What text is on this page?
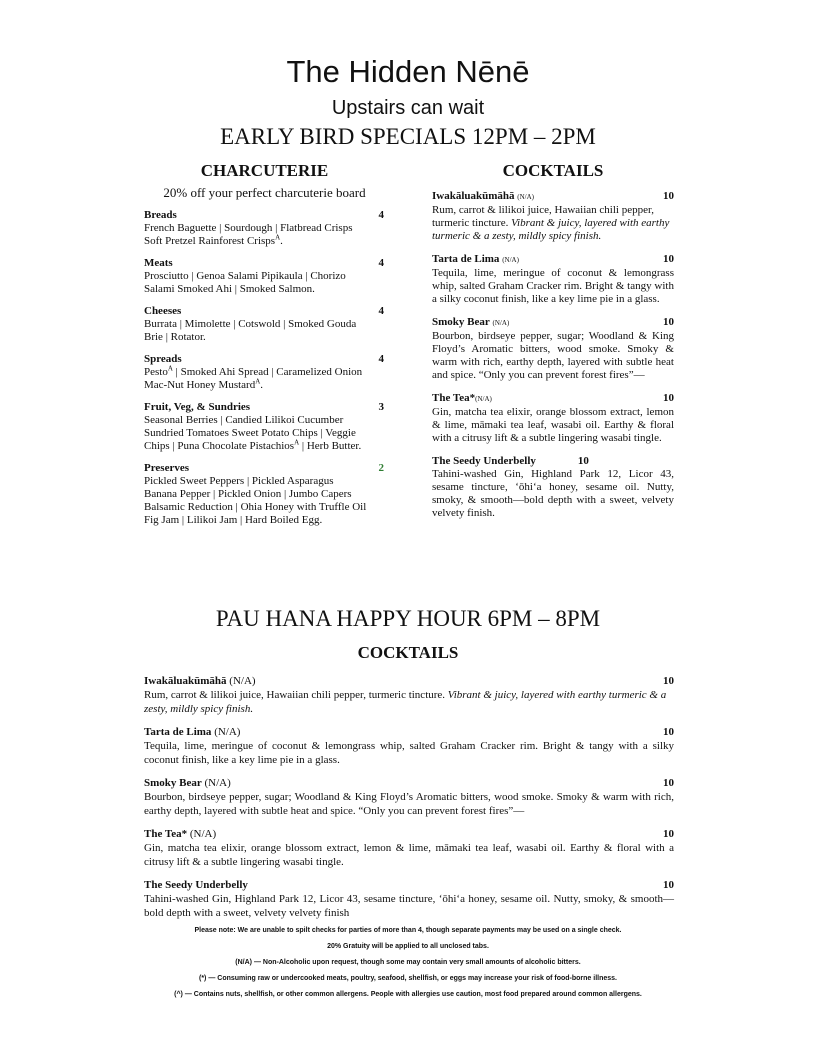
The Hidden Nēnē
Upstairs can wait
EARLY BIRD SPECIALS 12PM – 2PM
CHARCUTERIE	COCKTAILS
20% off your perfect charcuterie board
Breads	4
French Baguette | Sourdough | Flatbread Crisps
Soft Pretzel Rainforest Crisps$^A$.
Meats	4
Prosciutto | Genoa Salami Pipikaula | Chorizo
Salami Smoked Ahi | Smoked Salmon.
Cheeses	4
Burrata | Mimolette | Cotswold | Smoked Gouda
Brie | Rotator.
Spreads	4
Pesto$^A$ | Smoked Ahi Spread | Caramelized Onion
Mac-Nut Honey Mustard$^A$.
Fruit, Veg, & Sundries	3
Seasonal Berries | Candied Lilikoi Cucumber
Sundried Tomatoes Sweet Potato Chips | Veggie
Chips | Puna Chocolate Pistachios$^A$ | Herb Butter.
Preserves	2
Pickled Sweet Peppers | Pickled Asparagus
Banana Pepper | Pickled Onion | Jumbo Capers
Balsamic Reduction | Ohia Honey with Truffle Oil
Fig Jam | Lilikoi Jam | Hard Boiled Egg.
Iwakāluakūmāhā (N/A)	10
Rum, carrot & lilikoi juice, Hawaiian chili pepper, turmeric tincture. Vibrant & juicy, layered with earthy turmeric & a zesty, mildly spicy finish.
Tarta de Lima (N/A)	10
Tequila, lime, meringue of coconut & lemongrass whip, salted Graham Cracker rim. Bright & tangy with a silky coconut finish, like a key lime pie in a glass.
Smoky Bear (N/A)	10
Bourbon, birdseye pepper, sugar; Woodland & King Floyd’s Aromatic bitters, wood smoke. Smoky & warm with rich, earthy depth, layered with subtle heat and spice. “Only you can prevent forest fires”—
The Tea*(N/A)	10
Gin, matcha tea elixir, orange blossom extract, lemon & lime, māmaki tea leaf, wasabi oil. Earthy & floral with a citrusy lift & a subtle lingering wasabi tingle.
The Seedy Underbelly	10
Tahini-washed Gin, Highland Park 12, Licor 43, sesame tincture, ‘ōhi‘a honey, sesame oil. Nutty, smoky, & smooth—bold depth with a sweet, velvety velvety finish.
PAU HANA HAPPY HOUR 6PM – 8PM
COCKTAILS
Iwakāluakūmāhā (N/A)	10
Rum, carrot & lilikoi juice, Hawaiian chili pepper, turmeric tincture. Vibrant & juicy, layered with earthy turmeric & a zesty, mildly spicy finish.
Tarta de Lima (N/A)	10
Tequila, lime, meringue of coconut & lemongrass whip, salted Graham Cracker rim. Bright & tangy with a silky coconut finish, like a key lime pie in a glass.
Smoky Bear (N/A)	10
Bourbon, birdseye pepper, sugar; Woodland & King Floyd’s Aromatic bitters, wood smoke. Smoky & warm with rich, earthy depth, layered with subtle heat and spice. “Only you can prevent forest fires”—
The Tea* (N/A)	10
Gin, matcha tea elixir, orange blossom extract, lemon & lime, māmaki tea leaf, wasabi oil. Earthy & floral with a citrusy lift & a subtle lingering wasabi tingle.
The Seedy Underbelly	10
Tahini-washed Gin, Highland Park 12, Licor 43, sesame tincture, ‘ōhi‘a honey, sesame oil. Nutty, smoky, & smooth—bold depth with a sweet, velvety velvety finish

Please note: We are unable to spilt checks for parties of more than 4, though separate payments may be used on a single check.

20% Gratuity will be applied to all unclosed tabs.

(N/A) — Non-Alcoholic upon request, though some may contain very small amounts of alcoholic bitters.

(*) — Consuming raw or undercooked meats, poultry, seafood, shellfish, or eggs may increase your risk of food-borne illness.

(^) — Contains nuts, shellfish, or other common allergens. People with allergies use caution, most food prepared around common allergens.
